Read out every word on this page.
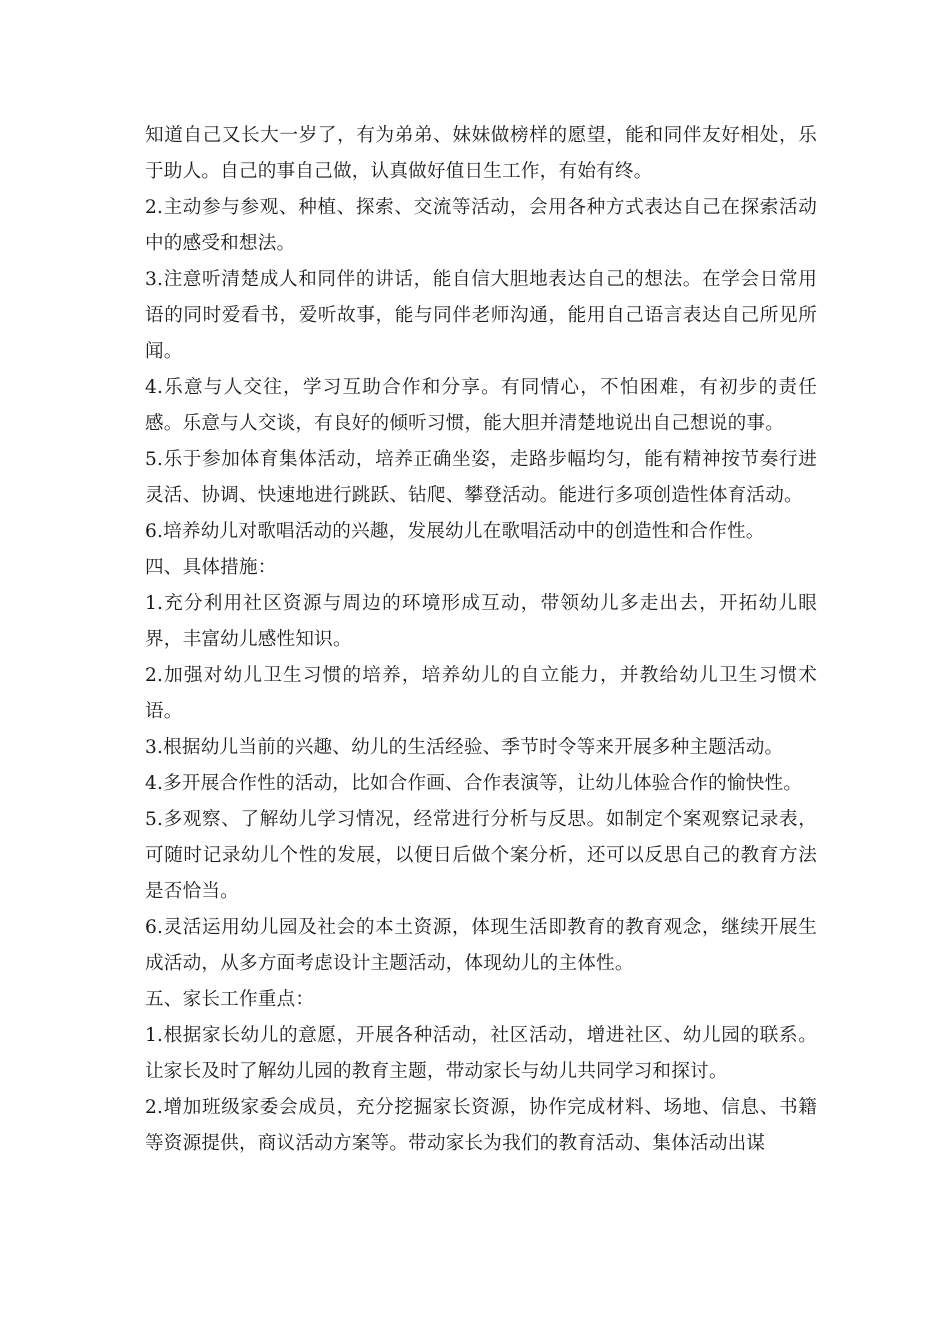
知道自己又长大一岁了，有为弟弟、妹妹做榜样的愿望，能和同伴友好相处，乐于助人。自己的事自己做，认真做好值日生工作，有始有终。

2.主动参与参观、种植、探索、交流等活动，会用各种方式表达自己在探索活动中的感受和想法。

3.注意听清楚成人和同伴的讲话，能自信大胆地表达自己的想法。在学会日常用语的同时爱看书，爱听故事，能与同伴老师沟通，能用自己语言表达自己所见所闻。

4.乐意与人交往，学习互助合作和分享。有同情心，不怕困难，有初步的责任感。乐意与人交谈，有良好的倾听习惯，能大胆并清楚地说出自己想说的事。

5.乐于参加体育集体活动，培养正确坐姿，走路步幅均匀，能有精神按节奏行进灵活、协调、快速地进行跳跃、钻爬、攀登活动。能进行多项创造性体育活动。

6.培养幼儿对歌唱活动的兴趣，发展幼儿在歌唱活动中的创造性和合作性。

四、具体措施：

1.充分利用社区资源与周边的环境形成互动，带领幼儿多走出去，开拓幼儿眼界，丰富幼儿感性知识。

2.加强对幼儿卫生习惯的培养，培养幼儿的自立能力，并教给幼儿卫生习惯术语。

3.根据幼儿当前的兴趣、幼儿的生活经验、季节时令等来开展多种主题活动。

4.多开展合作性的活动，比如合作画、合作表演等，让幼儿体验合作的愉快性。

5.多观察、了解幼儿学习情况，经常进行分析与反思。如制定个案观察记录表，可随时记录幼儿个性的发展，以便日后做个案分析，还可以反思自己的教育方法是否恰当。

6.灵活运用幼儿园及社会的本土资源，体现生活即教育的教育观念，继续开展生成活动，从多方面考虑设计主题活动，体现幼儿的主体性。

五、家长工作重点：

1.根据家长幼儿的意愿，开展各种活动，社区活动，增进社区、幼儿园的联系。让家长及时了解幼儿园的教育主题，带动家长与幼儿共同学习和探讨。

2.增加班级家委会成员，充分挖掘家长资源，协作完成材料、场地、信息、书籍等资源提供，商议活动方案等。带动家长为我们的教育活动、集体活动出谋
